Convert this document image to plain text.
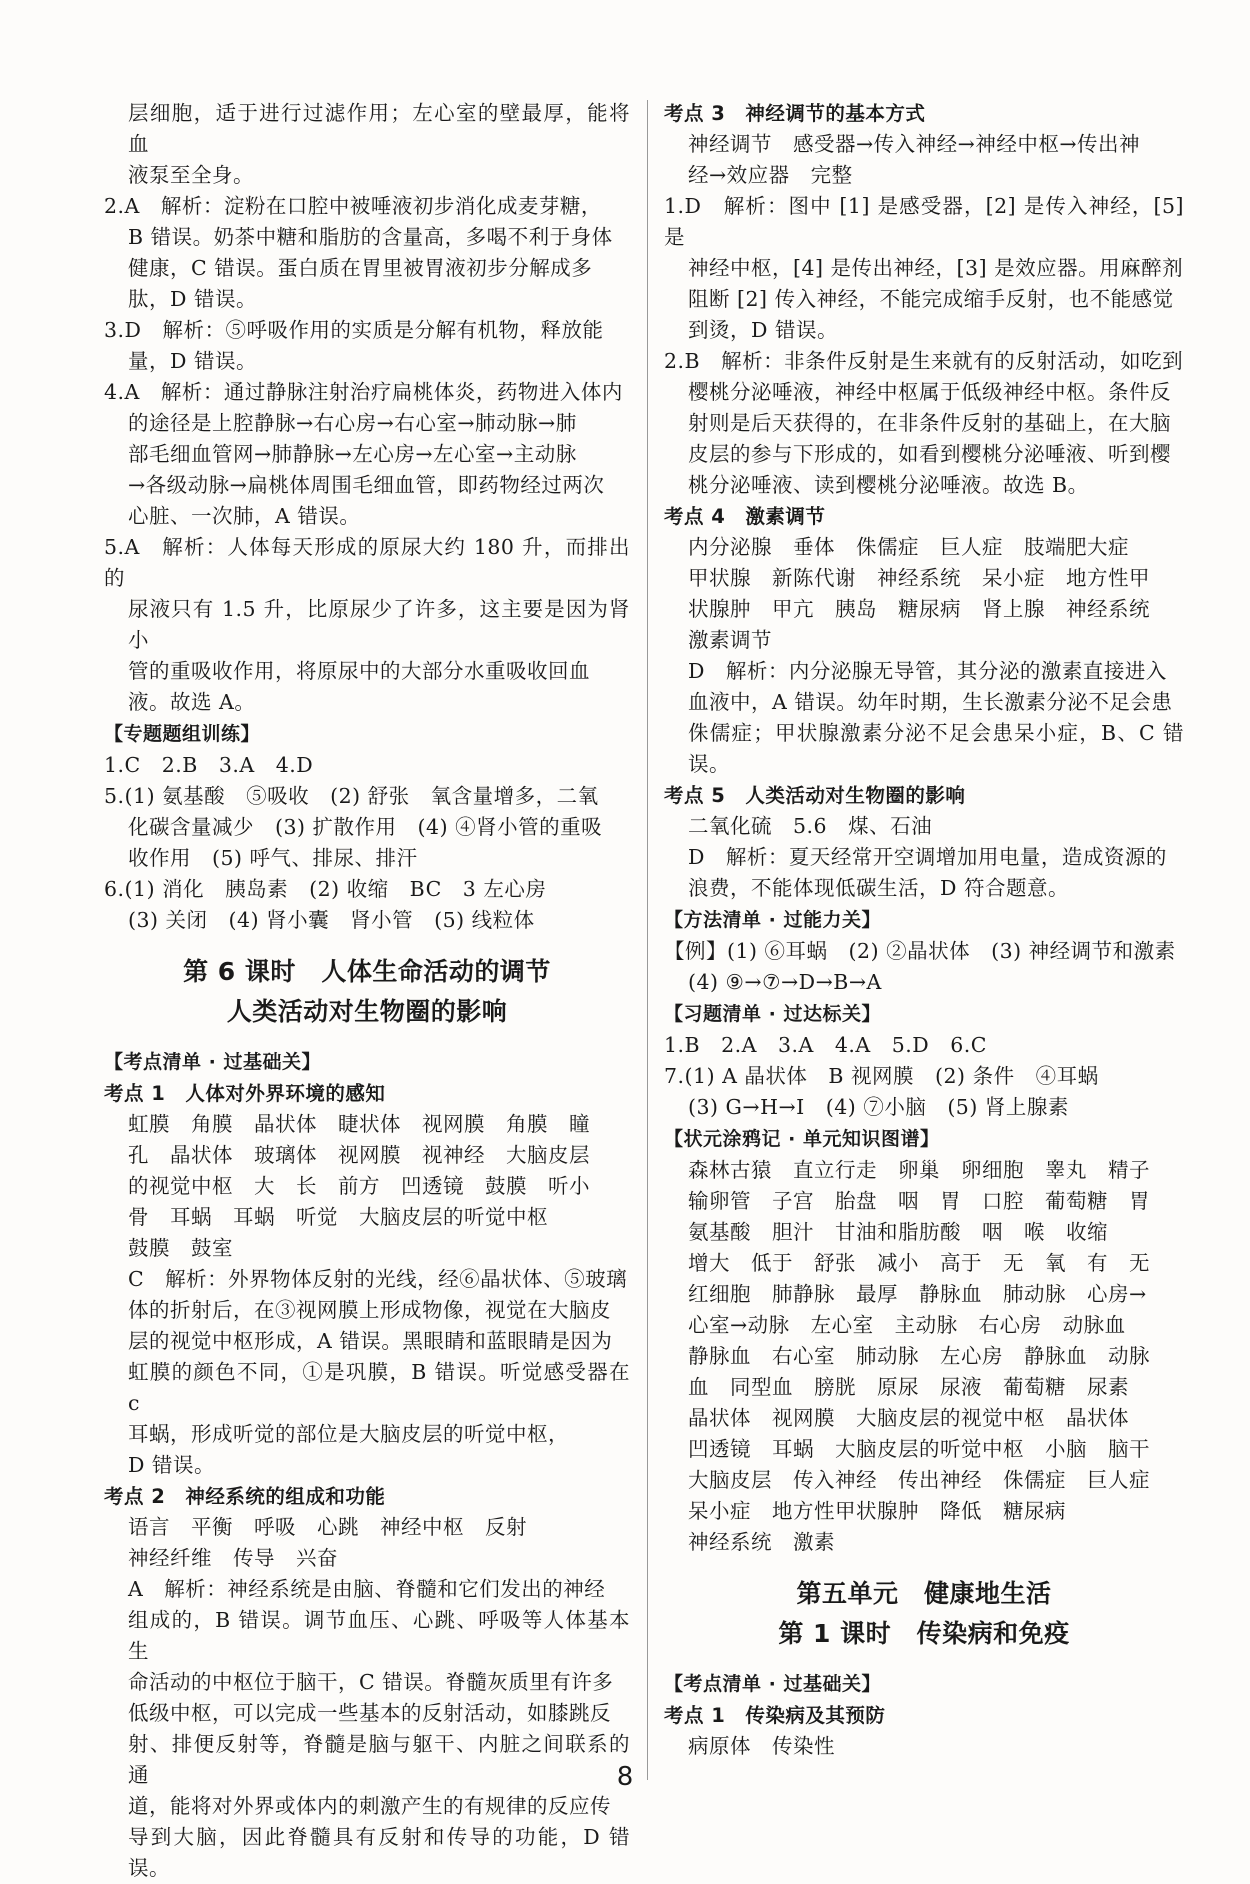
层细胞，适于进行过滤作用；左心室的壁最厚，能将血

液泵至全身。

2.A　解析：淀粉在口腔中被唾液初步消化成麦芽糖，

B 错误。奶茶中糖和脂肪的含量高，多喝不利于身体

健康，C 错误。蛋白质在胃里被胃液初步分解成多

肽，D 错误。

3.D　解析：⑤呼吸作用的实质是分解有机物，释放能

量，D 错误。

4.A　解析：通过静脉注射治疗扁桃体炎，药物进入体内

的途径是上腔静脉→右心房→右心室→肺动脉→肺

部毛细血管网→肺静脉→左心房→左心室→主动脉

→各级动脉→扁桃体周围毛细血管，即药物经过两次

心脏、一次肺，A 错误。

5.A　解析：人体每天形成的原尿大约 180 升，而排出的

尿液只有 1.5 升，比原尿少了许多，这主要是因为肾小

管的重吸收作用，将原尿中的大部分水重吸收回血

液。故选 A。

【专题题组训练】

1.C　2.B　3.A　4.D

5.(1) 氨基酸　⑤吸收　(2) 舒张　氧含量增多，二氧

化碳含量减少　(3) 扩散作用　(4) ④肾小管的重吸

收作用　(5) 呼气、排尿、排汗

6.(1) 消化　胰岛素　(2) 收缩　BC　3 左心房

(3) 关闭　(4) 肾小囊　肾小管　(5) 线粒体

第 6 课时　人体生命活动的调节

人类活动对生物圈的影响

【考点清单 · 过基础关】

考点 1　人体对外界环境的感知

虹膜　角膜　晶状体　睫状体　视网膜　角膜　瞳

孔　晶状体　玻璃体　视网膜　视神经　大脑皮层

的视觉中枢　大　长　前方　凹透镜　鼓膜　听小

骨　耳蜗　耳蜗　听觉　大脑皮层的听觉中枢

鼓膜　鼓室

C　解析：外界物体反射的光线，经⑥晶状体、⑤玻璃

体的折射后，在③视网膜上形成物像，视觉在大脑皮

层的视觉中枢形成，A 错误。黑眼睛和蓝眼睛是因为

虹膜的颜色不同，①是巩膜，B 错误。听觉感受器在 c

耳蜗，形成听觉的部位是大脑皮层的听觉中枢，

D 错误。

考点 2　神经系统的组成和功能

语言　平衡　呼吸　心跳　神经中枢　反射

神经纤维　传导　兴奋

A　解析：神经系统是由脑、脊髓和它们发出的神经

组成的，B 错误。调节血压、心跳、呼吸等人体基本生

命活动的中枢位于脑干，C 错误。脊髓灰质里有许多

低级中枢，可以完成一些基本的反射活动，如膝跳反

射、排便反射等，脊髓是脑与躯干、内脏之间联系的通

道，能将对外界或体内的刺激产生的有规律的反应传

导到大脑，因此脊髓具有反射和传导的功能，D 错误。

考点 3　神经调节的基本方式

神经调节　感受器→传入神经→神经中枢→传出神

经→效应器　完整

1.D　解析：图中 [1] 是感受器，[2] 是传入神经，[5] 是

神经中枢，[4] 是传出神经，[3] 是效应器。用麻醉剂

阻断 [2] 传入神经，不能完成缩手反射，也不能感觉

到烫，D 错误。

2.B　解析：非条件反射是生来就有的反射活动，如吃到

樱桃分泌唾液，神经中枢属于低级神经中枢。条件反

射则是后天获得的，在非条件反射的基础上，在大脑

皮层的参与下形成的，如看到樱桃分泌唾液、听到樱

桃分泌唾液、读到樱桃分泌唾液。故选 B。

考点 4　激素调节

内分泌腺　垂体　侏儒症　巨人症　肢端肥大症

甲状腺　新陈代谢　神经系统　呆小症　地方性甲

状腺肿　甲亢　胰岛　糖尿病　肾上腺　神经系统

激素调节

D　解析：内分泌腺无导管，其分泌的激素直接进入

血液中，A 错误。幼年时期，生长激素分泌不足会患

侏儒症；甲状腺激素分泌不足会患呆小症，B、C 错误。

考点 5　人类活动对生物圈的影响

二氧化硫　5.6　煤、石油

D　解析：夏天经常开空调增加用电量，造成资源的

浪费，不能体现低碳生活，D 符合题意。

【方法清单 · 过能力关】

【例】(1) ⑥耳蜗　(2) ②晶状体　(3) 神经调节和激素

(4) ⑨→⑦→D→B→A

【习题清单 · 过达标关】

1.B　2.A　3.A　4.A　5.D　6.C

7.(1) A 晶状体　B 视网膜　(2) 条件　④耳蜗

(3) G→H→I　(4) ⑦小脑　(5) 肾上腺素

【状元涂鸦记 · 单元知识图谱】

森林古猿　直立行走　卵巢　卵细胞　睾丸　精子

输卵管　子宫　胎盘　咽　胃　口腔　葡萄糖　胃

氨基酸　胆汁　甘油和脂肪酸　咽　喉　收缩

增大　低于　舒张　减小　高于　无　氧　有　无

红细胞　肺静脉　最厚　静脉血　肺动脉　心房→

心室→动脉　左心室　主动脉　右心房　动脉血

静脉血　右心室　肺动脉　左心房　静脉血　动脉

血　同型血　膀胱　原尿　尿液　葡萄糖　尿素

晶状体　视网膜　大脑皮层的视觉中枢　晶状体

凹透镜　耳蜗　大脑皮层的听觉中枢　小脑　脑干

大脑皮层　传入神经　传出神经　侏儒症　巨人症

呆小症　地方性甲状腺肿　降低　糖尿病

神经系统　激素

第五单元　健康地生活

第 1 课时　传染病和免疫

【考点清单 · 过基础关】

考点 1　传染病及其预防

病原体　传染性

8
